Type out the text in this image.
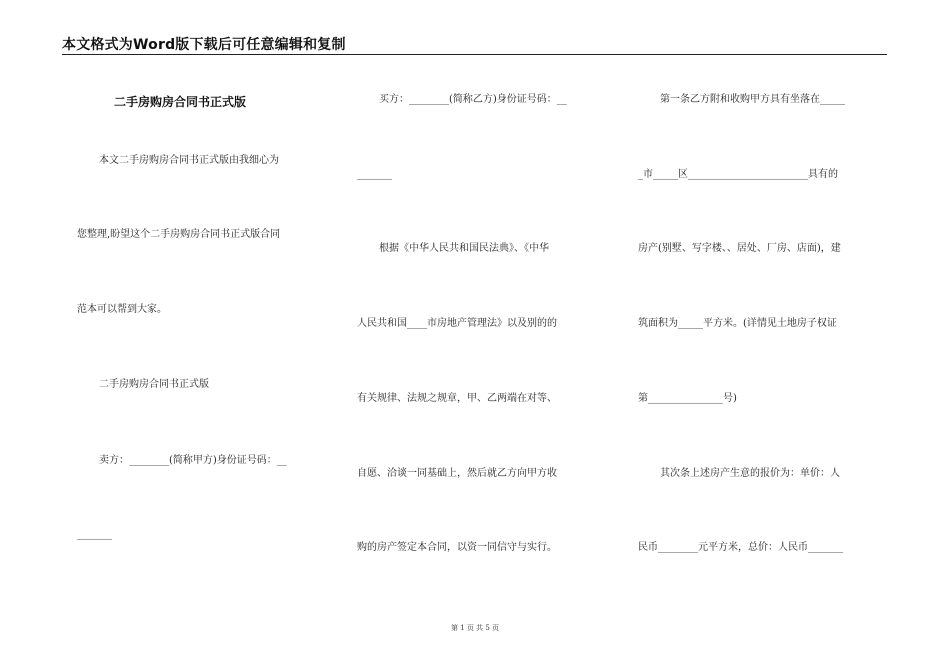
本文格式为Word版下载后可任意编辑和复制
二手房购房合同书正式版
本文二手房购房合同书正式版由我细心为
您整理,盼望这个二手房购房合同书正式版合同
范本可以帮到大家。
二手房购房合同书正式版
卖方：________(简称甲方)身份证号码：__
_______
买方：________(简称乙方)身份证号码：__
_______
根据《中华人民共和国民法典》、《中华
人民共和国____市房地产管理法》以及别的的
有关规律、法规之规章，甲、乙两端在对等、
自愿、洽谈一同基础上，然后就乙方向甲方收
购的房产签定本合同，以资一同信守与实行。
第一条乙方附和收购甲方具有坐落在_____
_市_____区________________________具有的
房产(别墅、写字楼、、居处、厂房、店面)，建
筑面积为_____平方米。(详情见土地房子权证
第_______________号)
其次条上述房产生意的报价为：单价：人
民币________元平方米，总价：人民币_______
第 1 页 共 5 页
